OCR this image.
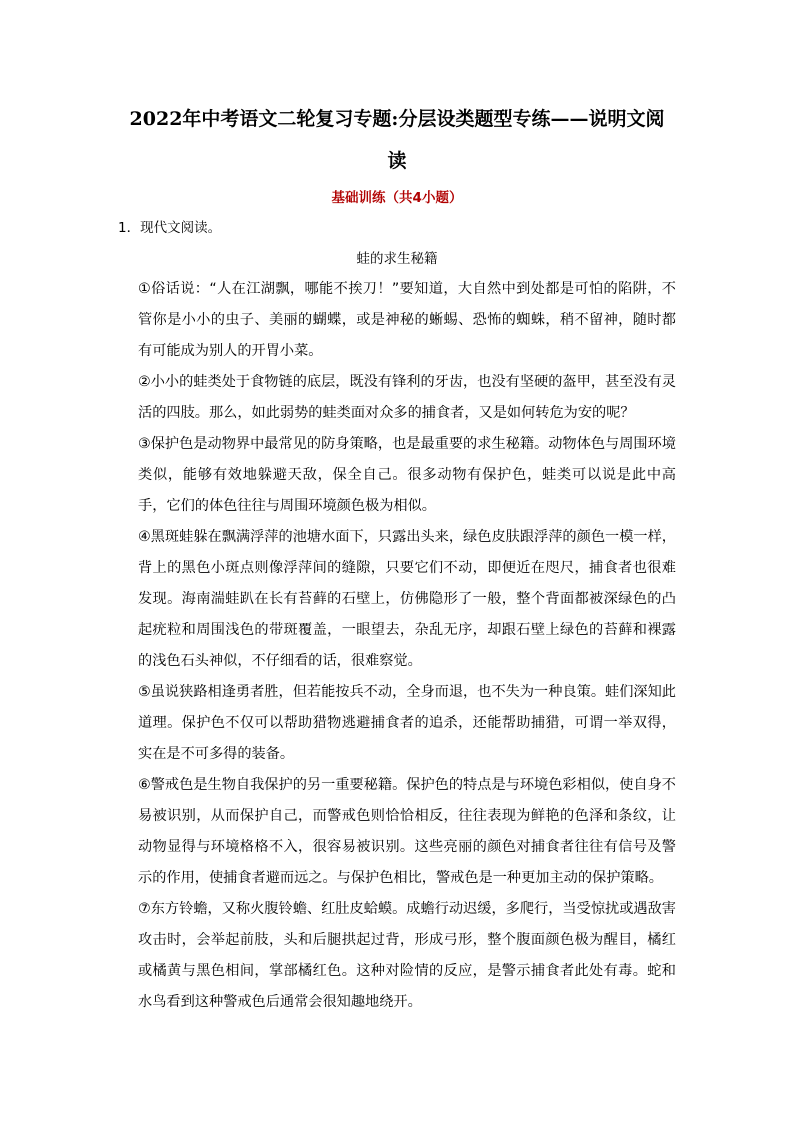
2022年中考语文二轮复习专题:分层设类题型专练——说明文阅
读
基础训练（共4小题）
1．现代文阅读。
蛙的求生秘籍

①俗话说：“人在江湖飘，哪能不挨刀！”要知道，大自然中到处都是可怕的陷阱，不管你是小小的虫子、美丽的蝴蝶，或是神秘的蜥蜴、恐怖的蜘蛛，稍不留神，随时都有可能成为别人的开胃小菜。

②小小的蛙类处于食物链的底层，既没有锋利的牙齿，也没有坚硬的盔甲，甚至没有灵活的四肢。那么，如此弱势的蛙类面对众多的捕食者，又是如何转危为安的呢？

③保护色是动物界中最常见的防身策略，也是最重要的求生秘籍。动物体色与周围环境类似，能够有效地躲避天敌，保全自己。很多动物有保护色，蛙类可以说是此中高手，它们的体色往往与周围环境颜色极为相似。

④黑斑蛙躲在飘满浮萍的池塘水面下，只露出头来，绿色皮肤跟浮萍的颜色一模一样，背上的黑色小斑点则像浮萍间的缝隙，只要它们不动，即便近在咫尺，捕食者也很难发现。海南湍蛙趴在长有苔藓的石壁上，仿佛隐形了一般，整个背面都被深绿色的凸起疣粒和周围浅色的带斑覆盖，一眼望去，杂乱无序，却跟石壁上绿色的苔藓和裸露的浅色石头神似，不仔细看的话，很难察觉。

⑤虽说狭路相逢勇者胜，但若能按兵不动，全身而退，也不失为一种良策。蛙们深知此道理。保护色不仅可以帮助猎物逃避捕食者的追杀，还能帮助捕猎，可谓一举双得，实在是不可多得的装备。

⑥警戒色是生物自我保护的另一重要秘籍。保护色的特点是与环境色彩相似，使自身不易被识别，从而保护自己，而警戒色则恰恰相反，往往表现为鲜艳的色泽和条纹，让动物显得与环境格格不入，很容易被识别。这些亮丽的颜色对捕食者往往有信号及警示的作用，使捕食者避而远之。与保护色相比，警戒色是一种更加主动的保护策略。

⑦东方铃蟾，又称火腹铃蟾、红肚皮蛤蟆。成蟾行动迟缓，多爬行，当受惊扰或遇敌害攻击时，会举起前肢，头和后腿拱起过背，形成弓形，整个腹面颜色极为醒目，橘红或橘黄与黑色相间，掌部橘红色。这种对险情的反应，是警示捕食者此处有毒。蛇和水鸟看到这种警戒色后通常会很知趣地绕开。
